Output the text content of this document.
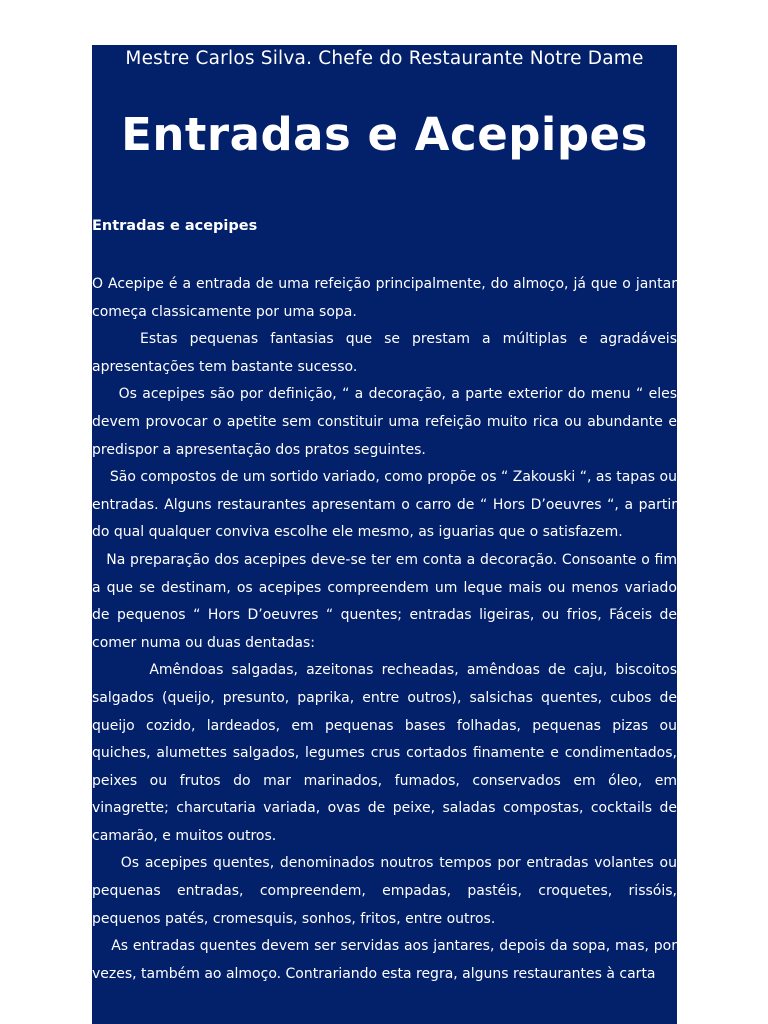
Mestre Carlos Silva. Chefe do Restaurante Notre Dame
Entradas e Acepipes
Entradas e acepipes

O Acepipe é a entrada de uma refeição principalmente, do almoço, já que o jantar começa classicamente por uma sopa.

Estas pequenas fantasias que se prestam a múltiplas e agradáveis apresentações tem bastante sucesso.

Os acepipes são por definição, “ a decoração, a parte exterior do menu “ eles devem provocar o apetite sem constituir uma refeição muito rica ou abundante e predispor a apresentação dos pratos seguintes.

São compostos de um sortido variado, como propõe os “ Zakouski “, as tapas ou entradas. Alguns restaurantes apresentam o carro de “ Hors D’oeuvres “, a partir do qual qualquer conviva escolhe ele mesmo, as iguarias que o satisfazem.

Na preparação dos acepipes deve-se ter em conta a decoração. Consoante o fim a que se destinam, os acepipes compreendem um leque mais ou menos variado de pequenos “ Hors D’oeuvres “ quentes; entradas ligeiras, ou frios, Fáceis de comer numa ou duas dentadas:

Amêndoas salgadas, azeitonas recheadas, amêndoas de caju, biscoitos salgados (queijo, presunto, paprika, entre outros), salsichas quentes, cubos de queijo cozido, lardeados, em pequenas bases folhadas, pequenas pizas ou quiches, alumettes salgados, legumes crus cortados finamente e condimentados, peixes ou frutos do mar marinados, fumados, conservados em óleo, em vinagrette; charcutaria variada, ovas de peixe, saladas compostas, cocktails de camarão, e muitos outros.

Os acepipes quentes, denominados noutros tempos por entradas volantes ou pequenas entradas, compreendem, empadas, pastéis, croquetes, rissóis, pequenos patés, cromesquis, sonhos, fritos, entre outros.

As entradas quentes devem ser servidas aos jantares, depois da sopa, mas, por vezes, também ao almoço. Contrariando esta regra, alguns restaurantes à carta
